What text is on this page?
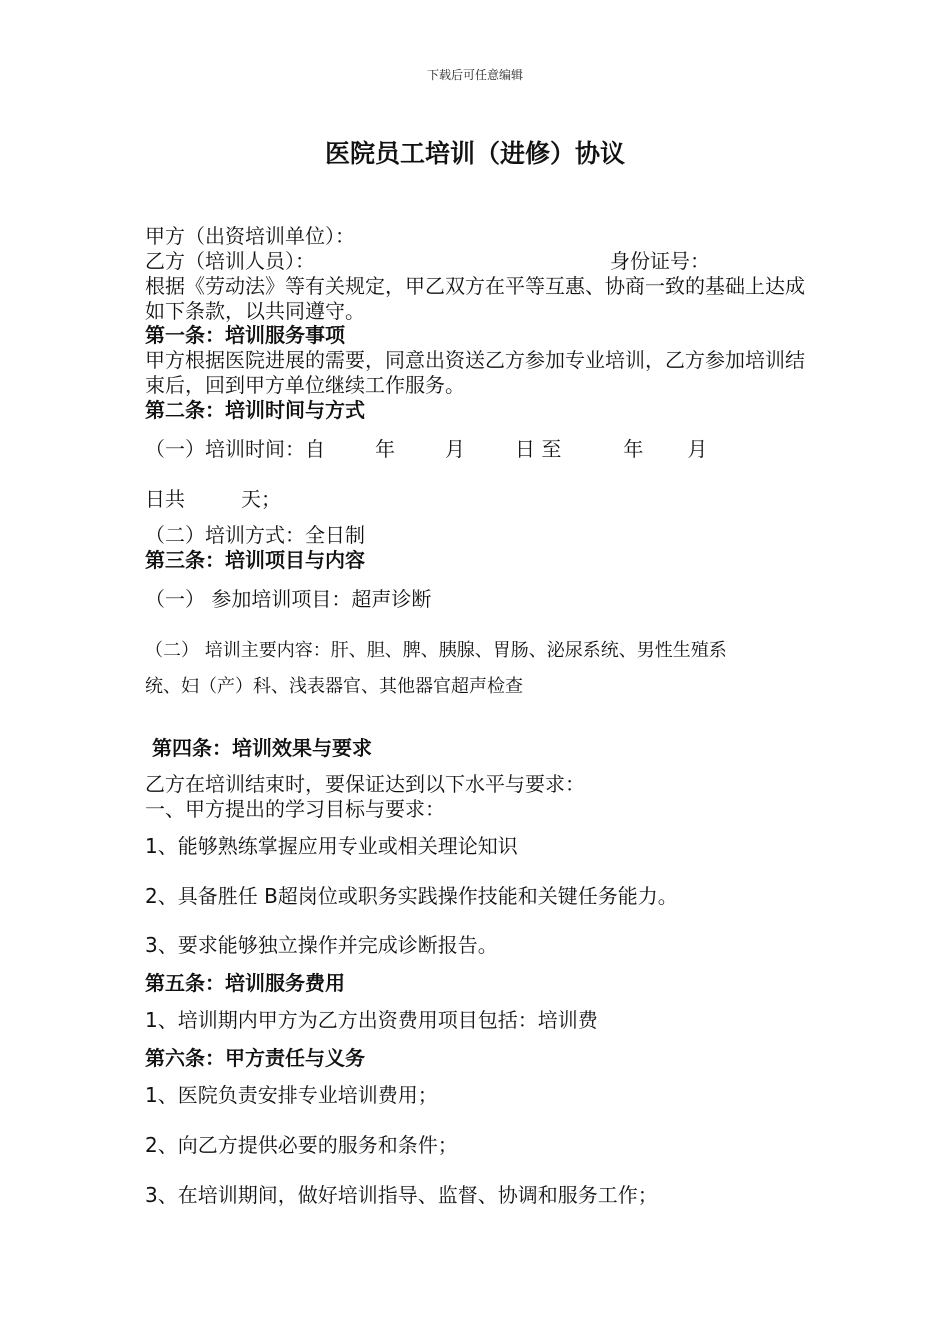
下载后可任意编辑
医院员工培训（进修）协议
甲方（出资培训单位）：
乙方（培训人员）：	身份证号：
根据《劳动法》等有关规定，甲乙双方在平等互惠、协商一致的基础上达成如下条款，以共同遵守。
第一条：培训服务事项
甲方根据医院进展的需要，同意出资送乙方参加专业培训，乙方参加培训结束后，回到甲方单位继续工作服务。
第二条：培训时间与方式
（一）培训时间：自	年	月	日 至	年 月
日共	天；
（二）培训方式：全日制
第三条：培训项目与内容
（一） 参加培训项目：超声诊断
（二） 培训主要内容：肝、胆、脾、胰腺、胃肠、泌尿系统、男性生殖系
统、妇（产）科、浅表器官、其他器官超声检查
第四条：培训效果与要求
乙方在培训结束时，要保证达到以下水平与要求：
一、甲方提出的学习目标与要求：
1、能够熟练掌握应用专业或相关理论知识
2、具备胜任 B超岗位或职务实践操作技能和关键任务能力。
3、要求能够独立操作并完成诊断报告。
第五条：培训服务费用
1、培训期内甲方为乙方出资费用项目包括：培训费
第六条：甲方责任与义务
1、医院负责安排专业培训费用；
2、向乙方提供必要的服务和条件；
3、在培训期间，做好培训指导、监督、协调和服务工作；
